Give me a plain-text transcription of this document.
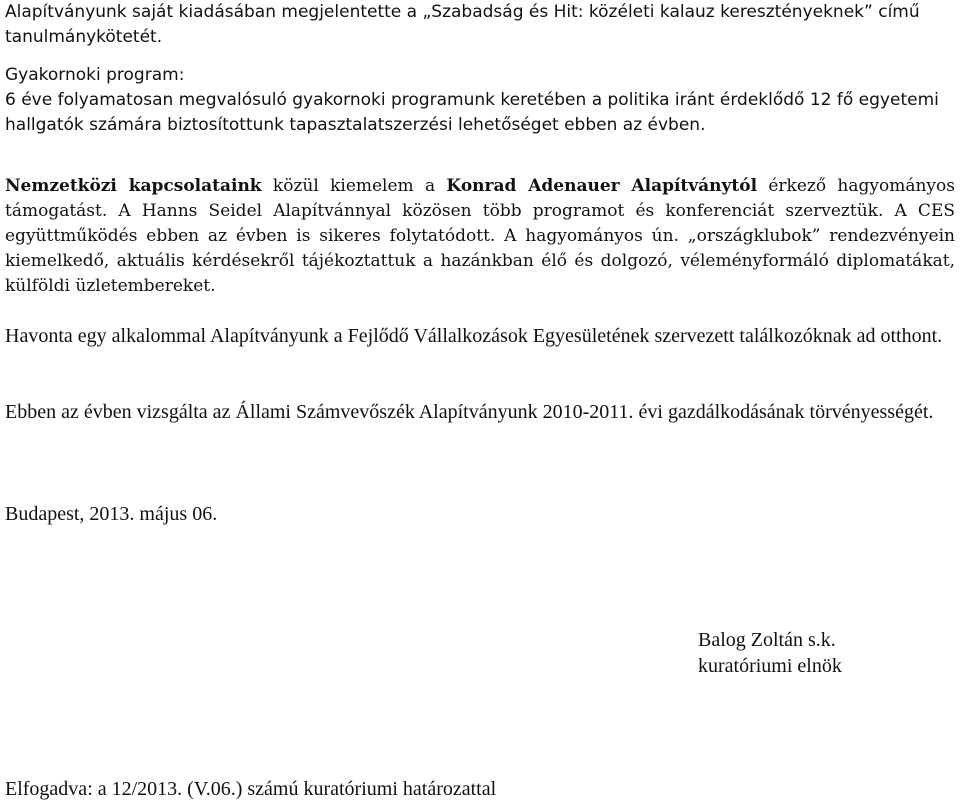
Alapítványunk saját kiadásában megjelentette a „Szabadság és Hit: közéleti kalauz keresztényeknek” című tanulmánykötetét.

Gyakornoki program:
6 éve folyamatosan megvalósuló gyakornoki programunk keretében a politika iránt érdeklődő 12 fő egyetemi hallgatók számára biztosítottunk tapasztalatszerzési lehetőséget ebben az évben.

Nemzetközi kapcsolataink közül kiemelem a Konrad Adenauer Alapítványtól érkező hagyományos támogatást. A Hanns Seidel Alapítvánnyal közösen több programot és konferenciát szerveztük. A CES együttműködés ebben az évben is sikeres folytatódott. A hagyományos ún. „országklubok” rendezvényein kiemelkedő, aktuális kérdésekről tájékoztattuk a hazánkban élő és dolgozó, véleményformáló diplomatákat, külföldi üzletembereket.

Havonta egy alkalommal Alapítványunk a Fejlődő Vállalkozások Egyesületének szervezett találkozóknak ad otthont.

Ebben az évben vizsgálta az Állami Számvevőszék Alapítványunk 2010-2011. évi gazdálkodásának törvényességét.

Budapest, 2013. május 06.

Balog Zoltán s.k.

kuratóriumi elnök

Elfogadva: a 12/2013. (V.06.) számú kuratóriumi határozattal
